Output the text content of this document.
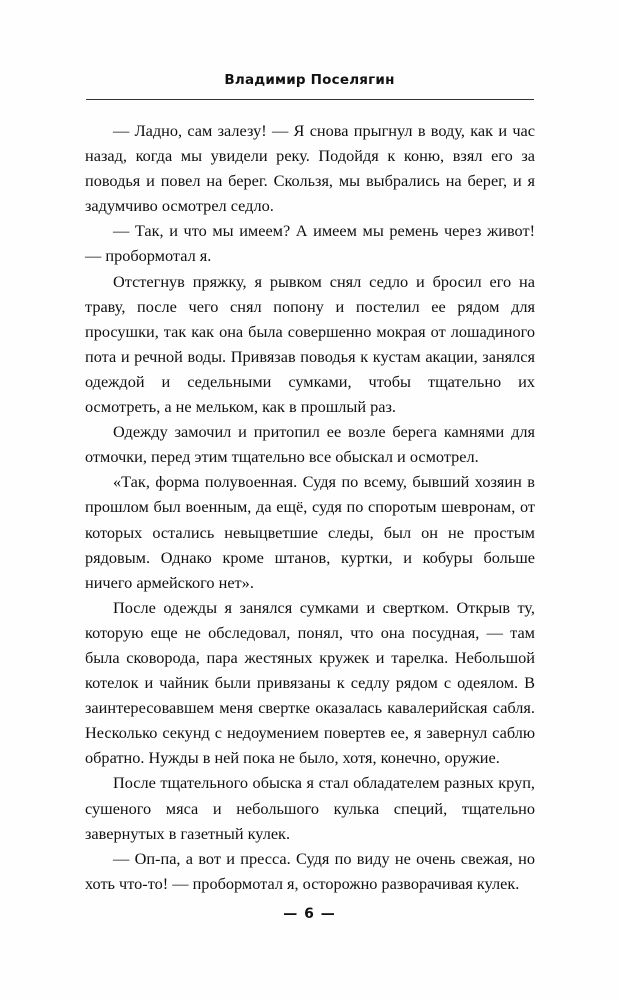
Владимир Поселягин

— Ладно, сам залезу! — Я снова прыгнул в воду, как и час назад, когда мы увидели реку. Подойдя к коню, взял его за поводья и повел на берег. Скользя, мы выбрались на берег, и я задумчиво осмотрел седло.

— Так, и что мы имеем? А имеем мы ремень через живот! — пробормотал я.

Отстегнув пряжку, я рывком снял седло и бросил его на траву, после чего снял попону и постелил ее рядом для просушки, так как она была совершенно мокрая от лошадиного пота и речной воды. Привязав поводья к кустам акации, занялся одеждой и седельными сумками, чтобы тщательно их осмотреть, а не мельком, как в прошлый раз.

Одежду замочил и притопил ее возле берега камнями для отмочки, перед этим тщательно все обыскал и осмотрел.

«Так, форма полувоенная. Судя по всему, бывший хозяин в прошлом был военным, да ещё, судя по споротым шевронам, от которых остались невыцветшие следы, был он не простым рядовым. Однако кроме штанов, куртки, и кобуры больше ничего армейского нет».

После одежды я занялся сумками и свертком. Открыв ту, которую еще не обследовал, понял, что она посудная, — там была сковорода, пара жестяных кружек и тарелка. Небольшой котелок и чайник были привязаны к седлу рядом с одеялом. В заинтересовавшем меня свертке оказалась кавалерийская сабля. Несколько секунд с недоумением повертев ее, я завернул саблю обратно. Нужды в ней пока не было, хотя, конечно, оружие.

После тщательного обыска я стал обладателем разных круп, сушеного мяса и небольшого кулька специй, тщательно завернутых в газетный кулек.

— Оп-па, а вот и пресса. Судя по виду не очень свежая, но хоть что-то! — пробормотал я, осторожно разворачивая кулек.

— 6 —
